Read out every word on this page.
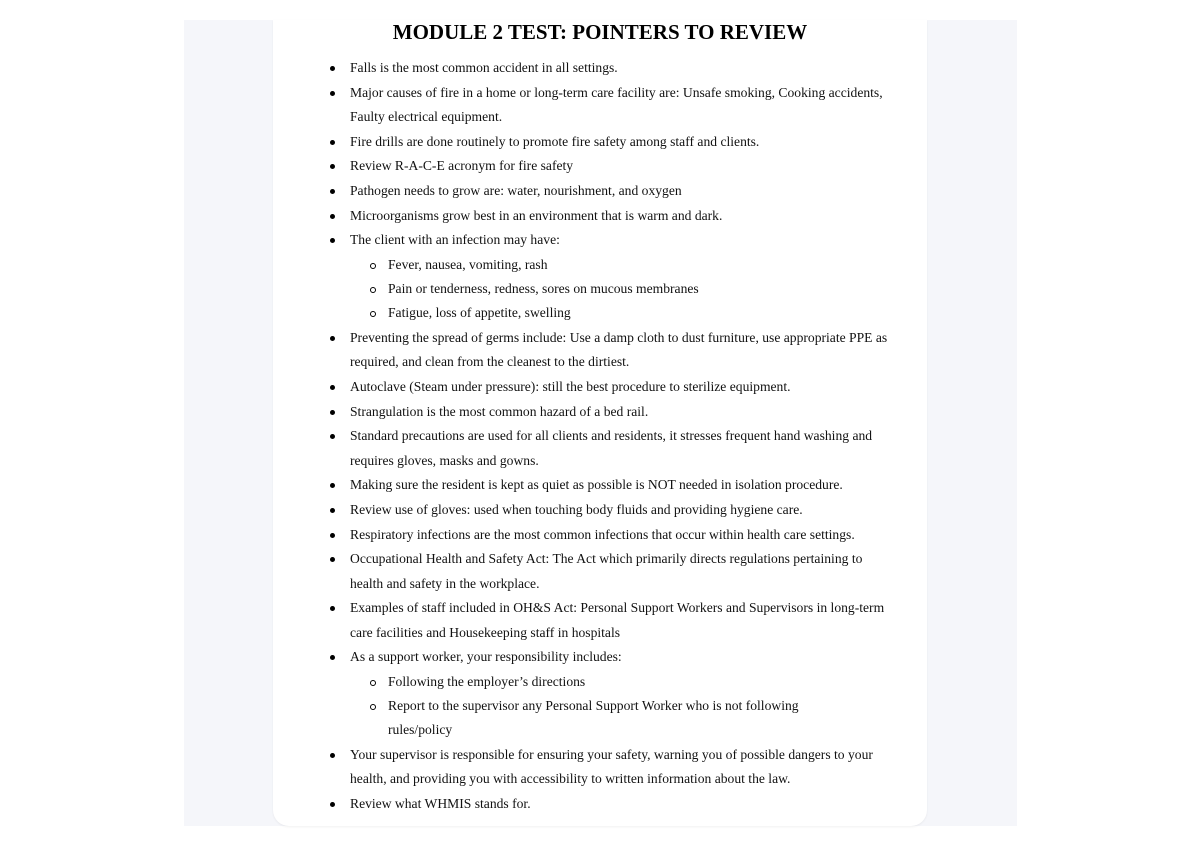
MODULE 2 TEST: POINTERS TO REVIEW
Falls is the most common accident in all settings.
Major causes of fire in a home or long-term care facility are: Unsafe smoking, Cooking accidents, Faulty electrical equipment.
Fire drills are done routinely to promote fire safety among staff and clients.
Review R-A-C-E acronym for fire safety
Pathogen needs to grow are: water, nourishment, and oxygen
Microorganisms grow best in an environment that is warm and dark.
The client with an infection may have:
Fever, nausea, vomiting, rash
Pain or tenderness, redness, sores on mucous membranes
Fatigue, loss of appetite, swelling
Preventing the spread of germs include: Use a damp cloth to dust furniture, use appropriate PPE as required, and clean from the cleanest to the dirtiest.
Autoclave (Steam under pressure): still the best procedure to sterilize equipment.
Strangulation is the most common hazard of a bed rail.
Standard precautions are used for all clients and residents, it stresses frequent hand washing and requires gloves, masks and gowns.
Making sure the resident is kept as quiet as possible is NOT needed in isolation procedure.
Review use of gloves: used when touching body fluids and providing hygiene care.
Respiratory infections are the most common infections that occur within health care settings.
Occupational Health and Safety Act: The Act which primarily directs regulations pertaining to health and safety in the workplace.
Examples of staff included in OH&S Act: Personal Support Workers and Supervisors in long-term care facilities and Housekeeping staff in hospitals
As a support worker, your responsibility includes:
Following the employer’s directions
Report to the supervisor any Personal Support Worker who is not following rules/policy
Your supervisor is responsible for ensuring your safety, warning you of possible dangers to your health, and providing you with accessibility to written information about the law.
Review what WHMIS stands for.
